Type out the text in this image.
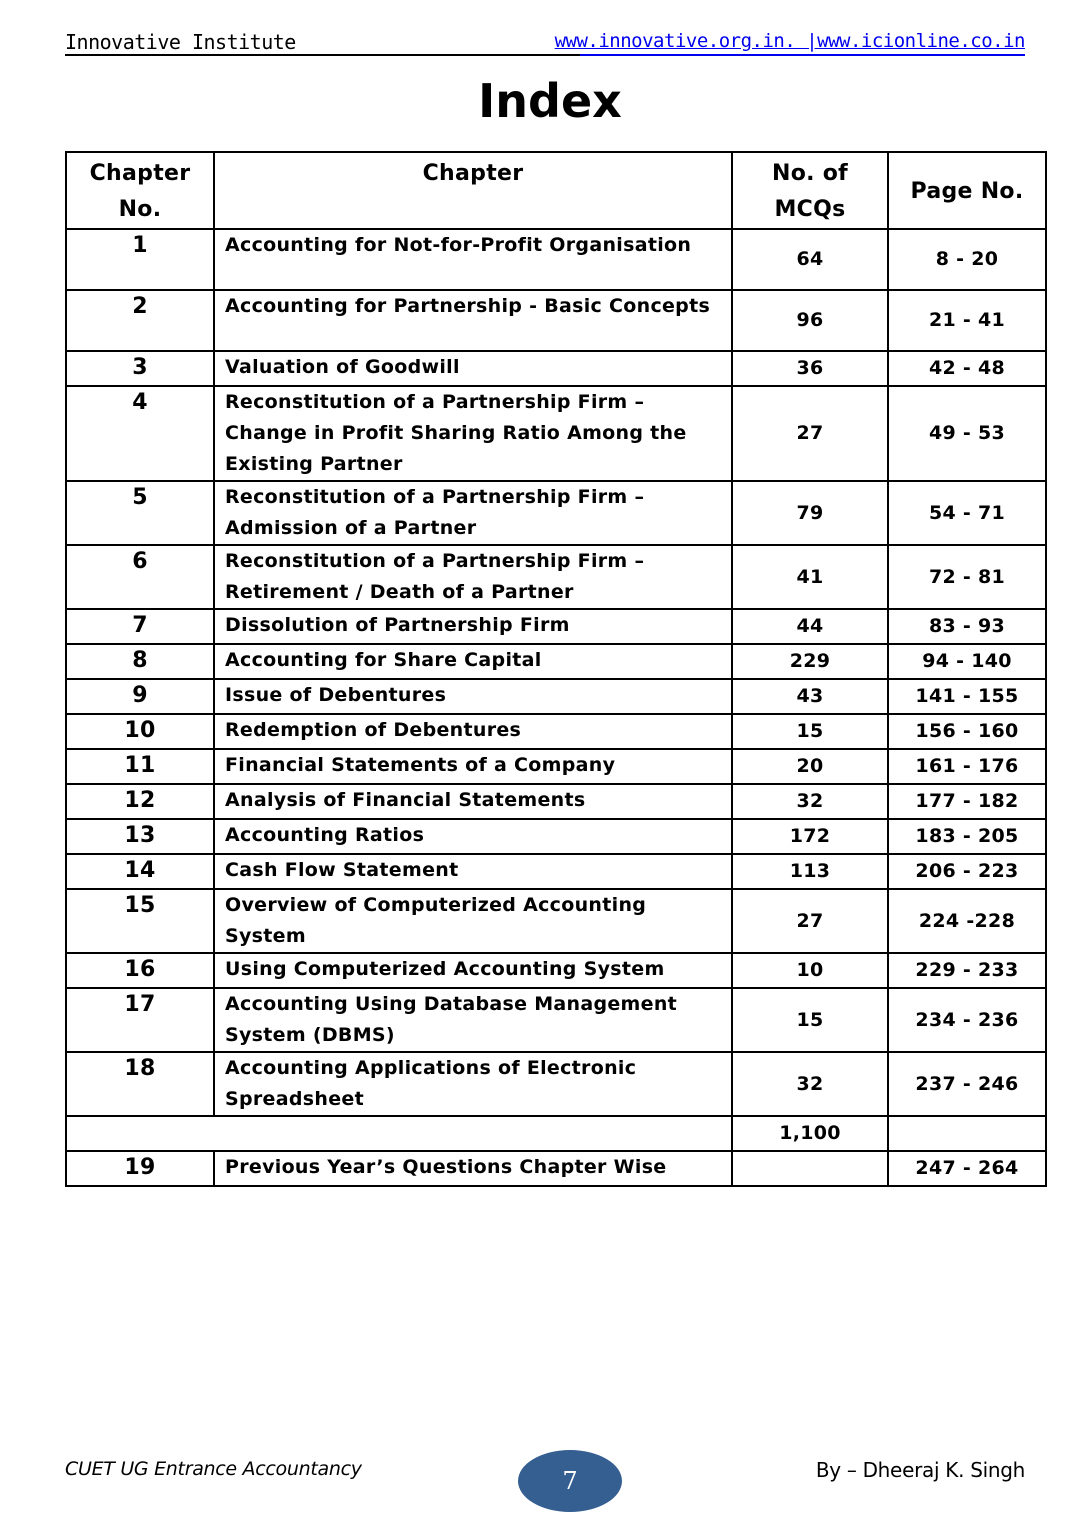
Innovative Institute	www.innovative.org.in. |www.icionline.co.in
Index
Chapter No.	Chapter	No. of MCQs	Page No.
1	Accounting for Not-for-Profit Organisation	64	8 - 20
2	Accounting for Partnership - Basic Concepts	96	21 - 41
3	Valuation of Goodwill	36	42 - 48
4	Reconstitution of a Partnership Firm – Change in Profit Sharing Ratio Among the Existing Partner	27	49 - 53
5	Reconstitution of a Partnership Firm – Admission of a Partner	79	54 - 71
6	Reconstitution of a Partnership Firm – Retirement / Death of a Partner	41	72 - 81
7	Dissolution of Partnership Firm	44	83 - 93
8	Accounting for Share Capital	229	94 - 140
9	Issue of Debentures	43	141 - 155
10	Redemption of Debentures	15	156 - 160
11	Financial Statements of a Company	20	161 - 176
12	Analysis of Financial Statements	32	177 - 182
13	Accounting Ratios	172	183 - 205
14	Cash Flow Statement	113	206 - 223
15	Overview of Computerized Accounting System	27	224 -228
16	Using Computerized Accounting System	10	229 - 233
17	Accounting Using Database Management System (DBMS)	15	234 - 236
18	Accounting Applications of Electronic Spreadsheet	32	237 - 246
		1,100	
19	Previous Year’s Questions Chapter Wise		247 - 264
CUET UG Entrance Accountancy	7	By – Dheeraj K. Singh
